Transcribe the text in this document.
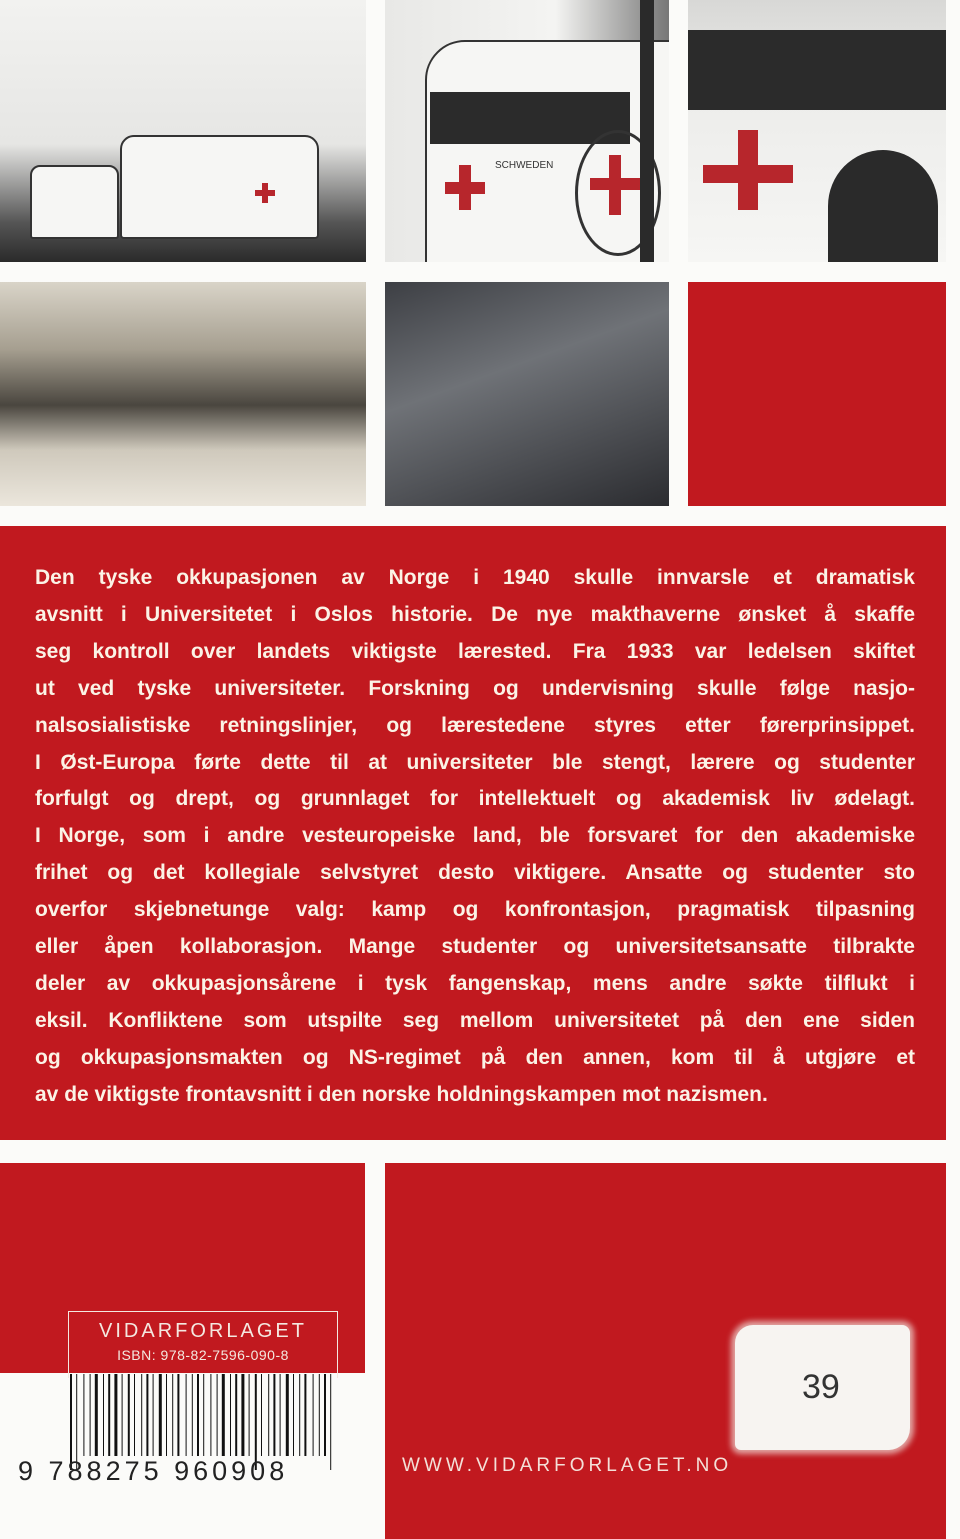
SCHWEDEN
Den tyske okkupasjonen av Norge i 1940 skulle innvarsle et dramatisk
avsnitt i Universitetet i Oslos historie. De nye makthaverne ønsket å skaffe
seg kontroll over landets viktigste lærested. Fra 1933 var ledelsen skiftet
ut ved tyske universiteter. Forskning og undervisning skulle følge nasjo-
nalsosialistiske retningslinjer, og lærestedene styres etter førerprinsippet.
I Øst-Europa førte dette til at universiteter ble stengt, lærere og studenter
forfulgt og drept, og grunnlaget for intellektuelt og akademisk liv ødelagt.
I Norge, som i andre vesteuropeiske land, ble forsvaret for den akademiske
frihet og det kollegiale selvstyret desto viktigere. Ansatte og studenter sto
overfor skjebnetunge valg: kamp og konfrontasjon, pragmatisk tilpasning
eller åpen kollaborasjon. Mange studenter og universitetsansatte tilbrakte
deler av okkupasjonsårene i tysk fangenskap, mens andre søkte tilflukt i
eksil. Konfliktene som utspilte seg mellom universitetet på den ene siden
og okkupasjonsmakten og NS-regimet på den annen, kom til å utgjøre et
av de viktigste frontavsnitt i den norske holdningskampen mot nazismen.
VIDARFORLAGET
ISBN: 978-82-7596-090-8
9 788275 960908
39
WWW.VIDARFORLAGET.NO
